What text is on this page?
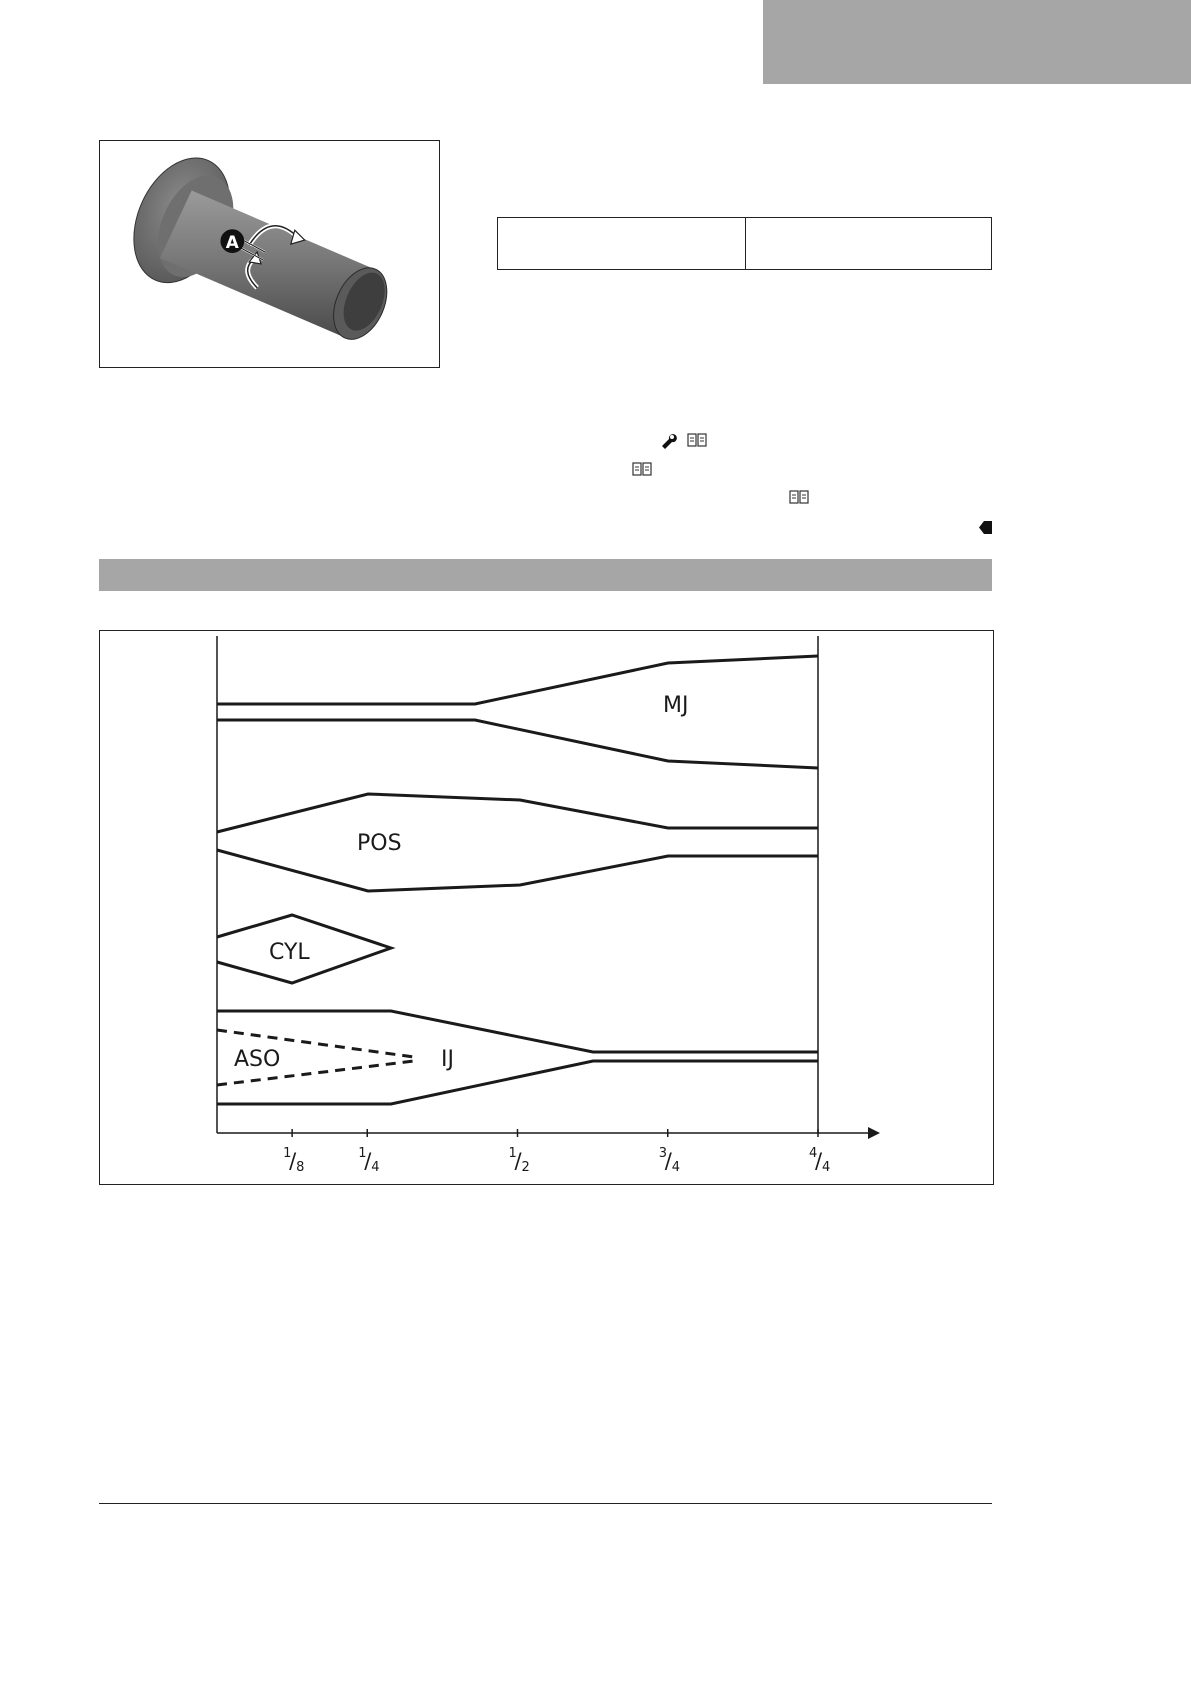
A
MJ
POS
CYL
ASO	IJ
1
/ 8
1
/ 4
1
/ 2
3
/ 4
4
/ 4
